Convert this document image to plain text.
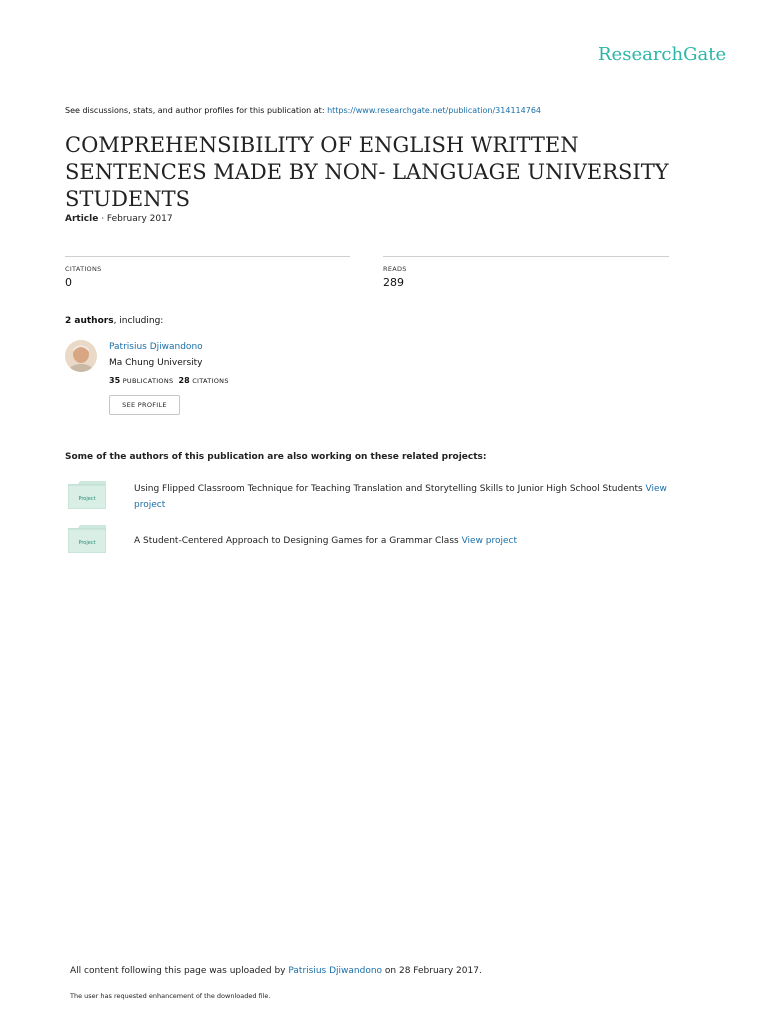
ResearchGate
See discussions, stats, and author profiles for this publication at: https://www.researchgate.net/publication/314114764
COMPREHENSIBILITY OF ENGLISH WRITTEN SENTENCES MADE BY NON- LANGUAGE UNIVERSITY STUDENTS
Article · February 2017
CITATIONS
0
READS
289
2 authors, including:
Patrisius Djiwandono
Ma Chung University
35 PUBLICATIONS 28 CITATIONS
SEE PROFILE
Some of the authors of this publication are also working on these related projects:
Project
Using Flipped Classroom Technique for Teaching Translation and Storytelling Skills to Junior High School Students View project
Project	A Student-Centered Approach to Designing Games for a Grammar Class View project
All content following this page was uploaded by Patrisius Djiwandono on 28 February 2017.
The user has requested enhancement of the downloaded file.
